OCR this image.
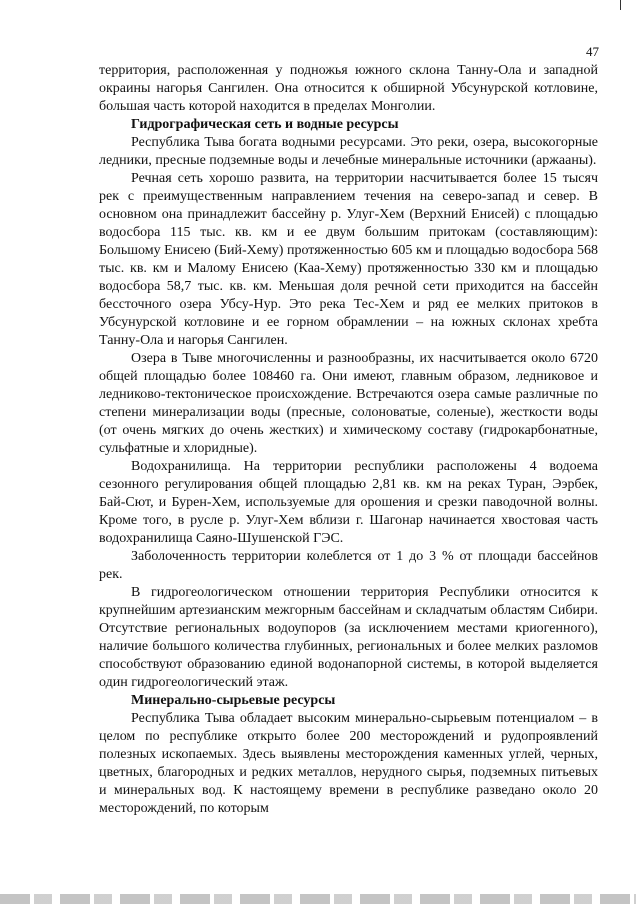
47

территория, расположенная у подножья южного склона Танну-Ола и западной окраины нагорья Сангилен. Она относится к обширной Убсунурской котловине, большая часть которой находится в пределах Монголии.

Гидрографическая сеть и водные ресурсы

Республика Тыва богата водными ресурсами. Это реки, озера, высокогорные ледники, пресные подземные воды и лечебные минеральные источники (аржааны).

Речная сеть хорошо развита, на территории насчитывается более 15 тысяч рек с преимущественным направлением течения на северо-запад и север. В основном она принадлежит бассейну р. Улуг-Хем (Верхний Енисей) с площадью водосбора 115 тыс. кв. км и ее двум большим притокам (составляющим): Большому Енисею (Бий-Хему) протяженностью 605 км и площадью водосбора 568 тыс. кв. км и Малому Енисею (Каа-Хему) протяженностью 330 км и площадью водосбора 58,7 тыс. кв. км. Меньшая доля речной сети приходится на бассейн бессточного озера Убсу-Нур. Это река Тес-Хем и ряд ее мелких притоков в Убсунурской котловине и ее горном обрамлении – на южных склонах хребта Танну-Ола и нагорья Сангилен.

Озера в Тыве многочисленны и разнообразны, их насчитывается около 6720 общей площадью более 108460 га. Они имеют, главным образом, ледниковое и ледниково-тектоническое происхождение. Встречаются озера самые различные по степени минерализации воды (пресные, солоноватые, соленые), жесткости воды (от очень мягких до очень жестких) и химическому составу (гидрокарбонатные, сульфатные и хлоридные).

Водохранилища. На территории республики расположены 4 водоема сезонного регулирования общей площадью 2,81 кв. км на реках Туран, Ээрбек, Бай-Сют, и Бурен-Хем, используемые для орошения и срезки паводочной волны. Кроме того, в русле р. Улуг-Хем вблизи г. Шагонар начинается хвостовая часть водохранилища Саяно-Шушенской ГЭС.

Заболоченность территории колеблется от 1 до 3 % от площади бассейнов рек.

В гидрогеологическом отношении территория Республики относится к крупнейшим артезианским межгорным бассейнам и складчатым областям Сибири. Отсутствие региональных водоупоров (за исключением местами криогенного), наличие большого количества глубинных, региональных и более мелких разломов способствуют образованию единой водонапорной системы, в которой выделяется один гидрогеологический этаж.

Минерально-сырьевые ресурсы

Республика Тыва обладает высоким минерально-сырьевым потенциалом – в целом по республике открыто более 200 месторождений и рудопроявлений полезных ископаемых. Здесь выявлены месторождения каменных углей, черных, цветных, благородных и редких металлов, нерудного сырья, подземных питьевых и минеральных вод. К настоящему времени в республике разведано около 20 месторождений, по которым
